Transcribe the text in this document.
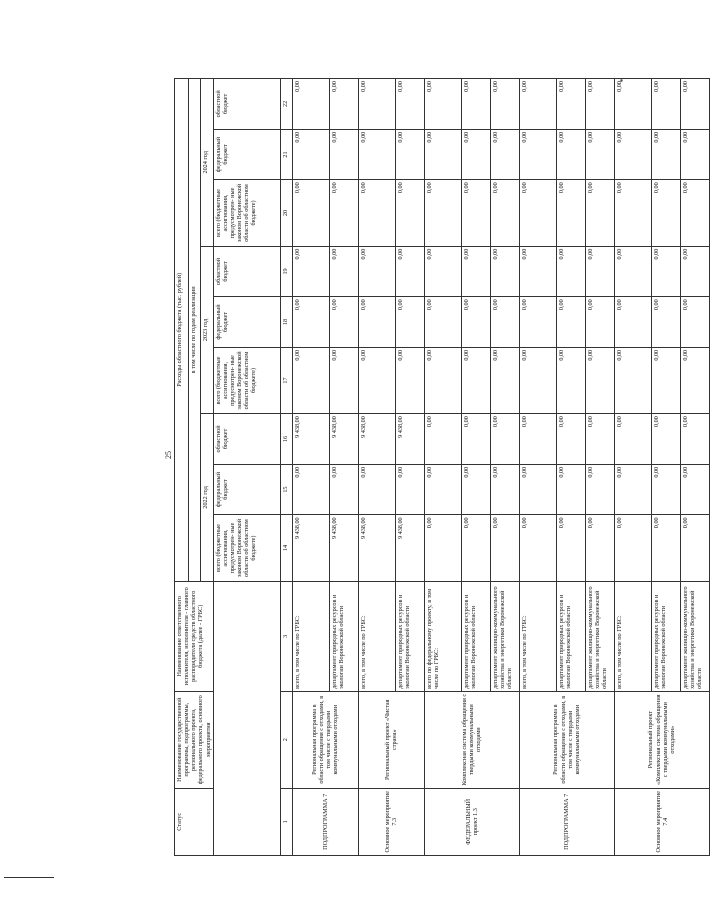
*
25
Статус	Наименование государственной программы, подпрограммы, регионального проекта, федерального проекта, основного мероприятия	Наименование ответственного исполнителя, исполнителя - главного распорядителя средств областного бюджета (далее - ГРБС)	Расходы областного бюджета (тыс. рублей)								
			в том числе по годам реализации								
			2022 год			2023 год			2024 год		
			всего (бюджетные ассигнования, предусмотрен- ные законом Воронежской области об областном бюджете)	федеральный бюджет	областной бюджет	всего (бюджетные ассигнования, предусмотрен- ные законом Воронежской области об областном бюджете)	федеральный бюджет	областной бюджет	всего (бюджетные ассигнования, предусмотрен- ные законом Воронежской области об областном бюджете)	федеральный бюджет	областной бюджет
1	2	3	14	15	16	17	18	19	20	21	22
ПОДПРОГРАММА 7	Региональная программа в области обращения с отходами, в том числе с твердыми коммунальными отходами	всего, в том числе по ГРБС:	9 438,00	0,00	9 438,00	0,00	0,00	0,00	0,00	0,00	0,00
		департамент природных ресурсов и экологии Воронежской области	9 438,00	0,00	9 438,00	0,00	0,00	0,00	0,00	0,00	0,00
Основное мероприятие 7.3	Региональный проект «Чистая страна»	всего, в том числе по ГРБС:	9 438,00	0,00	9 438,00	0,00	0,00	0,00	0,00	0,00	0,00
		департамент природных ресурсов и экологии Воронежской области	9 438,00	0,00	9 438,00	0,00	0,00	0,00	0,00	0,00	0,00
ФЕДЕРАЛЬНЫЙ проект 1.3	Комплексная система обращения с твердыми коммунальными отходами	всего по федеральному проекту, в том числе по ГРБС:	0,00	0,00	0,00	0,00	0,00	0,00	0,00	0,00	0,00
		департамент природных ресурсов и экологии Воронежской области	0,00	0,00	0,00	0,00	0,00	0,00	0,00	0,00	0,00
		департамент жилищно-коммунального хозяйства и энергетики Воронежской области	0,00	0,00	0,00	0,00	0,00	0,00	0,00	0,00	0,00
ПОДПРОГРАММА 7	Региональная программа в области обращения с отходами, в том числе с твердыми коммунальными отходами	всего, в том числе по ГРБС:	0,00	0,00	0,00	0,00	0,00	0,00	0,00	0,00	0,00
		департамент природных ресурсов и экологии Воронежской области	0,00	0,00	0,00	0,00	0,00	0,00	0,00	0,00	0,00
		департамент жилищно-коммунального хозяйства и энергетики Воронежской области	0,00	0,00	0,00	0,00	0,00	0,00	0,00	0,00	0,00
Основное мероприятие 7.4	Региональный проект «Комплексная система обращения с твердыми коммунальными отходами»	всего, в том числе по ГРБС:	0,00	0,00	0,00	0,00	0,00	0,00	0,00	0,00	0,00
		департамент природных ресурсов и экологии Воронежской области	0,00	0,00	0,00	0,00	0,00	0,00	0,00	0,00	0,00
		департамент жилищно-коммунального хозяйства и энергетики Воронежской области	0,00	0,00	0,00	0,00	0,00	0,00	0,00	0,00	0,00
